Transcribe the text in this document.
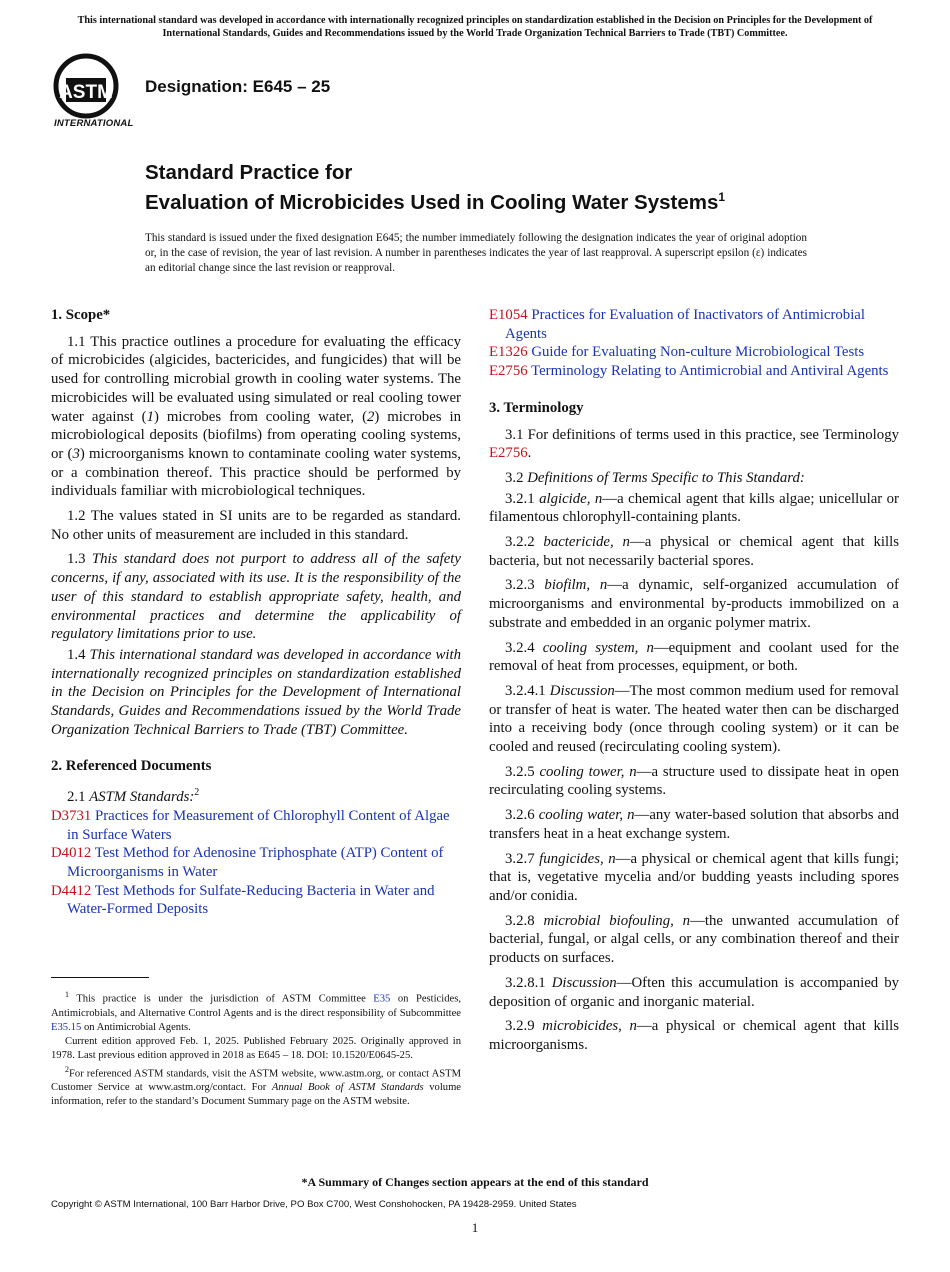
This international standard was developed in accordance with internationally recognized principles on standardization established in the Decision on Principles for the Development of International Standards, Guides and Recommendations issued by the World Trade Organization Technical Barriers to Trade (TBT) Committee.
ASTM
INTERNATIONAL
Designation: E645 – 25
Standard Practice for
Evaluation of Microbicides Used in Cooling Water Systems$^1$
This standard is issued under the fixed designation E645; the number immediately following the designation indicates the year of original adoption or, in the case of revision, the year of last revision. A number in parentheses indicates the year of last reapproval. A superscript epsilon (ε) indicates an editorial change since the last revision or reapproval.
1. Scope*

1.1 This practice outlines a procedure for evaluating the efficacy of microbicides (algicides, bactericides, and fungicides) that will be used for controlling microbial growth in cooling water systems. The microbicides will be evaluated using simulated or real cooling tower water against (1) microbes from cooling water, (2) microbes in microbiological deposits (biofilms) from operating cooling systems, or (3) microorganisms known to contaminate cooling water systems, or a combination thereof. This practice should be performed by individuals familiar with microbiological techniques.

1.2 The values stated in SI units are to be regarded as standard. No other units of measurement are included in this standard.

1.3 This standard does not purport to address all of the safety concerns, if any, associated with its use. It is the responsibility of the user of this standard to establish appropriate safety, health, and environmental practices and determine the applicability of regulatory limitations prior to use.

1.4 This international standard was developed in accordance with internationally recognized principles on standardization established in the Decision on Principles for the Development of International Standards, Guides and Recommendations issued by the World Trade Organization Technical Barriers to Trade (TBT) Committee.

2. Referenced Documents
2.1 ASTM Standards:$^2$
D3731 Practices for Measurement of Chlorophyll Content of Algae in Surface Waters
D4012 Test Method for Adenosine Triphosphate (ATP) Content of Microorganisms in Water
D4412 Test Methods for Sulfate-Reducing Bacteria in Water and Water-Formed Deposits
E1054 Practices for Evaluation of Inactivators of Antimicrobial Agents
E1326 Guide for Evaluating Non-culture Microbiological Tests
E2756 Terminology Relating to Antimicrobial and Antiviral Agents
3. Terminology

3.1 For definitions of terms used in this practice, see Terminology E2756.

3.2 Definitions of Terms Specific to This Standard:

3.2.1 algicide, n—a chemical agent that kills algae; unicellular or filamentous chlorophyll-containing plants.

3.2.2 bactericide, n—a physical or chemical agent that kills bacteria, but not necessarily bacterial spores.

3.2.3 biofilm, n—a dynamic, self-organized accumulation of microorganisms and environmental by-products immobilized on a substrate and embedded in an organic polymer matrix.

3.2.4 cooling system, n—equipment and coolant used for the removal of heat from processes, equipment, or both.

3.2.4.1 Discussion—The most common medium used for removal or transfer of heat is water. The heated water then can be discharged into a receiving body (once through cooling system) or it can be cooled and reused (recirculating cooling system).

3.2.5 cooling tower, n—a structure used to dissipate heat in open recirculating cooling systems.

3.2.6 cooling water, n—any water-based solution that absorbs and transfers heat in a heat exchange system.

3.2.7 fungicides, n—a physical or chemical agent that kills fungi; that is, vegetative mycelia and/or budding yeasts including spores and/or conidia.

3.2.8 microbial biofouling, n—the unwanted accumulation of bacterial, fungal, or algal cells, or any combination thereof and their products on surfaces.

3.2.8.1 Discussion—Often this accumulation is accompanied by deposition of organic and inorganic material.

3.2.9 microbicides, n—a physical or chemical agent that kills microorganisms.

$^1$ This practice is under the jurisdiction of ASTM Committee E35 on Pesticides, Antimicrobials, and Alternative Control Agents and is the direct responsibility of Subcommittee E35.15 on Antimicrobial Agents.

Current edition approved Feb. 1, 2025. Published February 2025. Originally approved in 1978. Last previous edition approved in 2018 as E645 – 18. DOI: 10.1520/E0645-25.

$^2$For referenced ASTM standards, visit the ASTM website, www.astm.org, or contact ASTM Customer Service at www.astm.org/contact. For Annual Book of ASTM Standards volume information, refer to the standard’s Document Summary page on the ASTM website.

*A Summary of Changes section appears at the end of this standard
Copyright © ASTM International, 100 Barr Harbor Drive, PO Box C700, West Conshohocken, PA 19428-2959. United States
1
